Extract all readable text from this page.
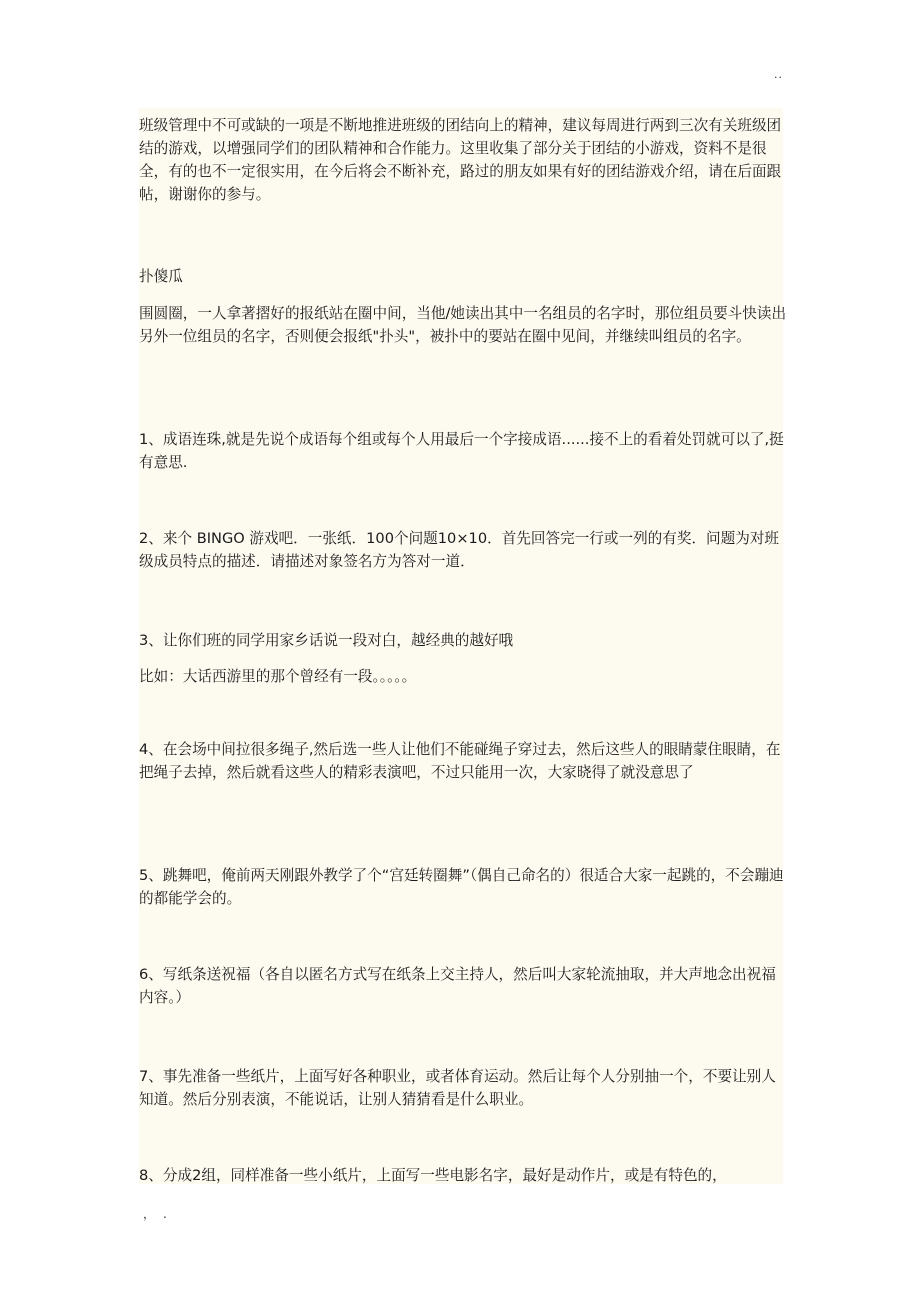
..
班级管理中不可或缺的一项是不断地推进班级的团结向上的精神，建议每周进行两到三次有关班级团结的游戏，以增强同学们的团队精神和合作能力。这里收集了部分关于团结的小游戏，资料不是很全，有的也不一定很实用，在今后将会不断补充，路过的朋友如果有好的团结游戏介绍，请在后面跟帖，谢谢你的参与。
扑傻瓜
围圆圈，一人拿著摺好的报纸站在圈中间，当他/她读出其中一名组员的名字时，那位组员要斗快读出另外一位组员的名字，否则便会报纸"扑头"，被扑中的要站在圈中见间，并继续叫组员的名字。
1、成语连珠,就是先说个成语每个组或每个人用最后一个字接成语......接不上的看着处罚就可以了,挺有意思.
2、来个 BINGO 游戏吧．一张纸．100个问题10×10．首先回答完一行或一列的有奖．问题为对班级成员特点的描述．请描述对象签名方为答对一道．
3、让你们班的同学用家乡话说一段对白，越经典的越好哦
比如：大话西游里的那个曾经有一段。。。。。
4、在会场中间拉很多绳子,然后选一些人让他们不能碰绳子穿过去，然后这些人的眼睛蒙住眼睛，在把绳子去掉，然后就看这些人的精彩表演吧，不过只能用一次，大家晓得了就没意思了
5、跳舞吧，俺前两天刚跟外教学了个“宫廷转圈舞”（偶自己命名的）很适合大家一起跳的，不会蹦迪的都能学会的。
6、写纸条送祝福（各自以匿名方式写在纸条上交主持人，然后叫大家轮流抽取，并大声地念出祝福内容。）
7、事先准备一些纸片，上面写好各种职业，或者体育运动。然后让每个人分别抽一个，不要让别人知道。然后分别表演，不能说话，让别人猜猜看是什么职业。
8、分成2组，同样准备一些小纸片，上面写一些电影名字，最好是动作片，或是有特色的，
，.
